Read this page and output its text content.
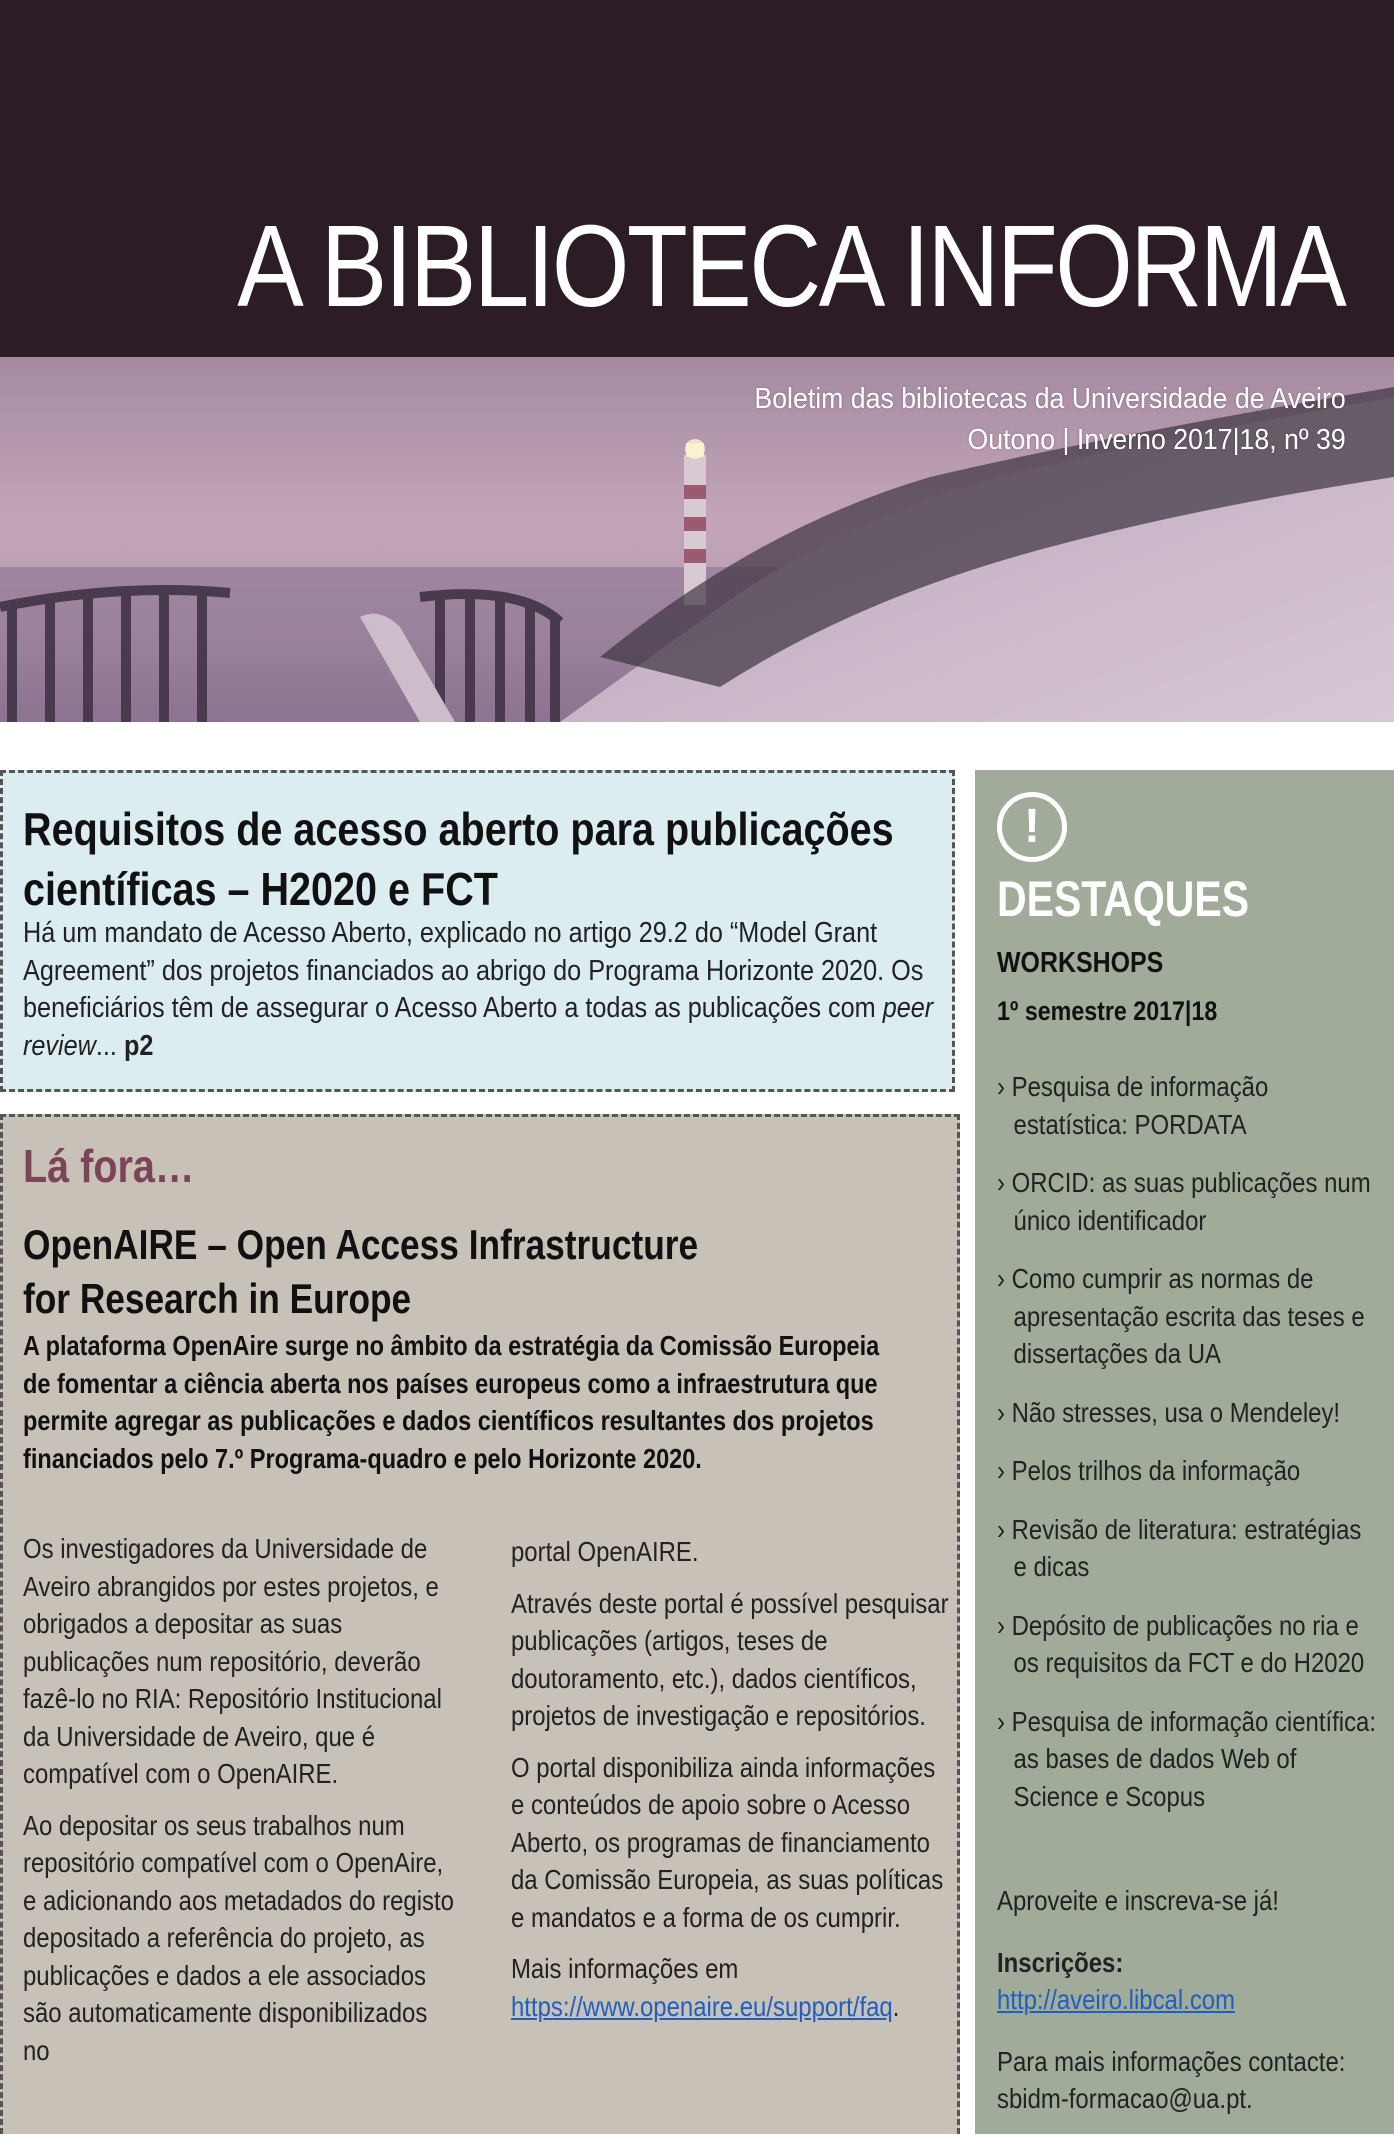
A BIBLIOTECA INFORMA
Boletim das bibliotecas da Universidade de Aveiro
Outono | Inverno 2017|18, nº 39
Requisitos de acesso aberto para publicações científicas – H2020 e FCT

Há um mandato de Acesso Aberto, explicado no artigo 29.2 do “Model Grant Agreement” dos projetos financiados ao abrigo do Programa Horizonte 2020. Os beneficiários têm de assegurar o Acesso Aberto a todas as publicações com peer review... p2

Lá fora…
OpenAIRE – Open Access Infrastructure for Research in Europe

A plataforma OpenAire surge no âmbito da estratégia da Comissão Europeia de fomentar a ciência aberta nos países europeus como a infraestrutura que permite agregar as publicações e dados científicos resultantes dos projetos financiados pelo 7.º Programa-quadro e pelo Horizonte 2020.

Os investigadores da Universidade de Aveiro abrangidos por estes projetos, e obrigados a depositar as suas publicações num repositório, deverão fazê-lo no RIA: Repositório Institucional da Universidade de Aveiro, que é compatível com o OpenAIRE.

Ao depositar os seus trabalhos num repositório compatível com o OpenAire, e adicionando aos metadados do registo depositado a referência do projeto, as publicações e dados a ele associados são automaticamente disponibilizados no

portal OpenAIRE.

Através deste portal é possível pesquisar publicações (artigos, teses de doutoramento, etc.), dados científicos, projetos de investigação e repositórios.

O portal disponibiliza ainda informações e conteúdos de apoio sobre o Acesso Aberto, os programas de financiamento da Comissão Europeia, as suas políticas e mandatos e a forma de os cumprir.

Mais informações em
https://www.openaire.eu/support/faq.

!
DESTAQUES
WORKSHOPS
1º semestre 2017|18
› Pesquisa de informação estatística: PORDATA
› ORCID: as suas publicações num único identificador
› Como cumprir as normas de apresentação escrita das teses e dissertações da UA
› Não stresses, usa o Mendeley!
› Pelos trilhos da informação
› Revisão de literatura: estratégias e dicas
› Depósito de publicações no ria e os requisitos da FCT e do H2020
› Pesquisa de informação científica: as bases de dados Web of Science e Scopus

Aproveite e inscreva-se já!

Inscrições:
http://aveiro.libcal.com

Para mais informações contacte: sbidm-formacao@ua.pt.
